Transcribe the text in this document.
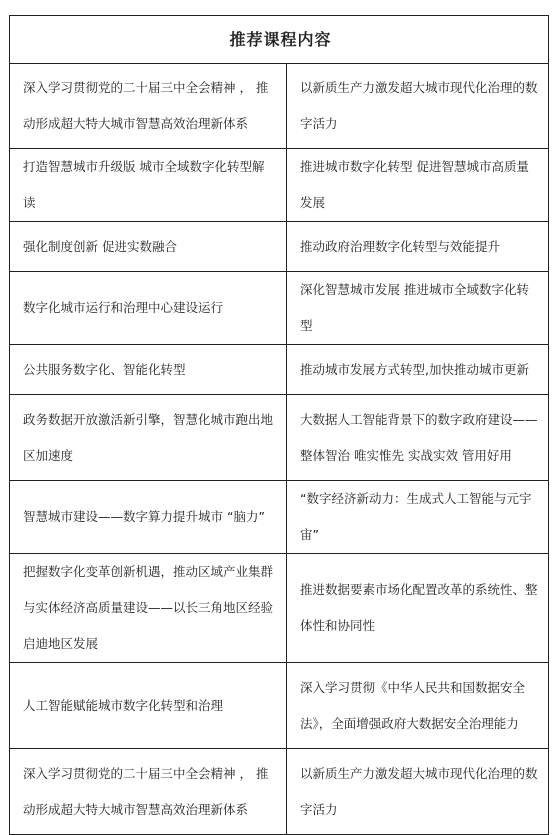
推荐课程内容	
深入学习贯彻党的二十届三中全会精神 ， 推动形成超大特大城市智慧高效治理新体系	以新质生产力激发超大城市现代化治理的数字活力
打造智慧城市升级版 城市全域数字化转型解读	推进城市数字化转型 促进智慧城市高质量发展
强化制度创新 促进实数融合	推动政府治理数字化转型与效能提升
数字化城市运行和治理中心建设运行	深化智慧城市发展 推进城市全域数字化转型
公共服务数字化、智能化转型	推动城市发展方式转型,加快推动城市更新
政务数据开放激活新引擎，智慧化城市跑出地区加速度	大数据人工智能背景下的数字政府建设——整体智治 唯实惟先 实战实效 管用好用
智慧城市建设——数字算力提升城市 “脑力”	“数字经济新动力：生成式人工智能与元宇宙”
把握数字化变革创新机遇，推动区域产业集群与实体经济高质量建设——以长三角地区经验启迪地区发展	推进数据要素市场化配置改革的系统性、整体性和协同性
人工智能赋能城市数字化转型和治理	深入学习贯彻《中华人民共和国数据安全法》，全面增强政府大数据安全治理能力
深入学习贯彻党的二十届三中全会精神 ， 推动形成超大特大城市智慧高效治理新体系	以新质生产力激发超大城市现代化治理的数字活力
